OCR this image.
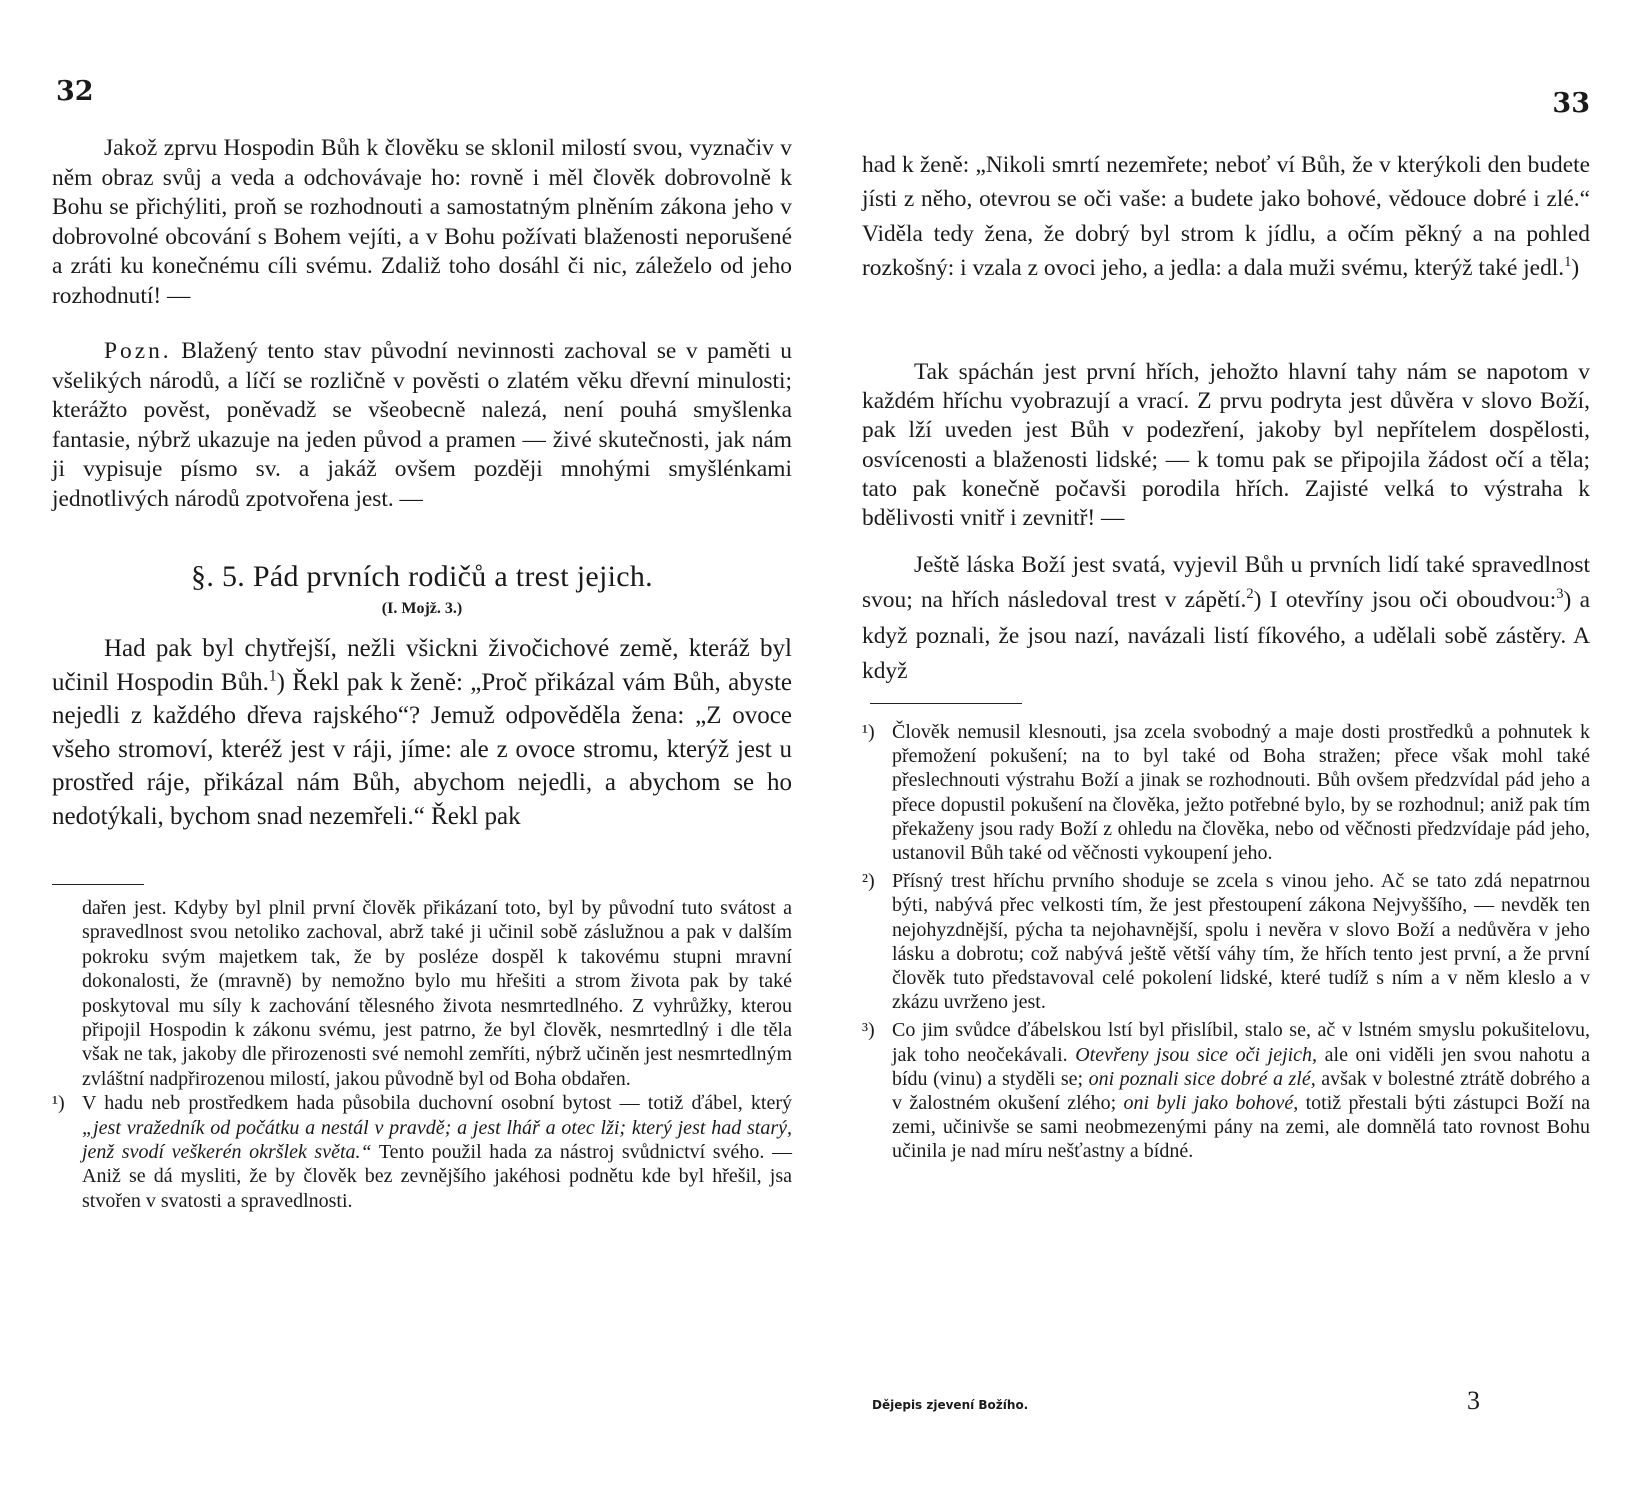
32

Jakož zprvu Hospodin Bůh k člověku se sklonil milostí svou, vyznačiv v něm obraz svůj a veda a odchovávaje ho: rovně i měl člověk dobrovolně k Bohu se přichýliti, proň se rozhodnouti a samostatným plněním zákona jeho v dobrovolné obcování s Bohem vejíti, a v Bohu požívati blaženosti neporušené a zráti ku konečnému cíli svému. Zdaliž toho dosáhl či nic, záleželo od jeho rozhodnutí! —

Pozn. Blažený tento stav původní nevinnosti zachoval se v paměti u všelikých národů, a líčí se rozličně v pověsti o zlatém věku dřevní minulosti; kterážto pověst, poněvadž se všeobecně nalezá, není pouhá smyšlenka fantasie, nýbrž ukazuje na jeden původ a pramen — živé skutečnosti, jak nám ji vypisuje písmo sv. a jakáž ovšem později mnohými smyšlénkami jednotlivých národů zpotvořena jest. —

§. 5. Pád prvních rodičů a trest jejich.
(I. Mojž. 3.)

Had pak byl chytřejší, nežli všickni živočichové země, kteráž byl učinil Hospodin Bůh.$^1$) Řekl pak k ženě: „Proč přikázal vám Bůh, abyste nejedli z každého dřeva rajského“? Jemuž odpověděla žena: „Z ovoce všeho stromoví, kteréž jest v ráji, jíme: ale z ovoce stromu, kterýž jest u prostřed ráje, přikázal nám Bůh, abychom nejedli, a abychom se ho nedotýkali, bychom snad nezemřeli.“ Řekl pak

dařen jest. Kdyby byl plnil první člověk přikázaní toto, byl by původní tuto svátost a spravedlnost svou netoliko zachoval, abrž také ji učinil sobě záslužnou a pak v dalším pokroku svým majetkem tak, že by posléze dospěl k takovému stupni mravní dokonalosti, že (mravně) by nemožno bylo mu hřešiti a strom života pak by také poskytoval mu síly k zachování tělesného života nesmrtedlného. Z vyhrůžky, kterou připojil Hospodin k zákonu svému, jest patrno, že byl člověk, nesmrtedlný i dle těla však ne tak, jakoby dle přirozenosti své nemohl zemříti, nýbrž učiněn jest nesmrtedlným zvláštní nadpřirozenou milostí, jakou původně byl od Boha obdařen.
¹) V hadu neb prostředkem hada působila duchovní osobní bytost — totiž ďábel, který „jest vražedník od počátku a nestál v pravdě; a jest lhář a otec lži; který jest had starý, jenž svodí veškerén okršlek světa.“ Tento použil hada za nástroj svůdnictví svého. — Aniž se dá mysliti, že by člověk bez zevnějšího jakéhosi podnětu kde byl hřešil, jsa stvořen v svatosti a spravedlnosti.
33

had k ženě: „Nikoli smrtí nezemřete; neboť ví Bůh, že v kterýkoli den budete jísti z něho, otevrou se oči vaše: a budete jako bohové, vědouce dobré i zlé.“ Viděla tedy žena, že dobrý byl strom k jídlu, a očím pěkný a na pohled rozkošný: i vzala z ovoci jeho, a jedla: a dala muži svému, kterýž také jedl.$^1$)

Tak spáchán jest první hřích, jehožto hlavní tahy nám se napotom v každém hříchu vyobrazují a vrací. Z prvu podryta jest důvěra v slovo Boží, pak lží uveden jest Bůh v podezření, jakoby byl nepřítelem dospělosti, osvícenosti a blaženosti lidské; — k tomu pak se připojila žádost očí a těla; tato pak konečně počavši porodila hřích. Zajisté velká to výstraha k bdělivosti vnitř i zevnitř! —

Ještě láska Boží jest svatá, vyjevil Bůh u prvních lidí také spravedlnost svou; na hřích následoval trest v zápětí.$^2$) I otevříny jsou oči oboudvou:$^3$) a když poznali, že jsou nazí, navázali listí fíkového, a udělali sobě zástěry. A když

¹) Člověk nemusil klesnouti, jsa zcela svobodný a maje dosti prostředků a pohnutek k přemožení pokušení; na to byl také od Boha stražen; přece však mohl také přeslechnouti výstrahu Boží a jinak se rozhodnouti. Bůh ovšem předzvídal pád jeho a přece dopustil pokušení na člověka, ježto potřebné bylo, by se rozhodnul; aniž pak tím překaženy jsou rady Boží z ohledu na člověka, nebo od věčnosti předzvídaje pád jeho, ustanovil Bůh také od věčnosti vykoupení jeho.
²) Přísný trest hříchu prvního shoduje se zcela s vinou jeho. Ač se tato zdá nepatrnou býti, nabývá přec velkosti tím, že jest přestoupení zákona Nejvyššího, — nevděk ten nejohyzdnější, pýcha ta nejohavnější, spolu i nevěra v slovo Boží a nedůvěra v jeho lásku a dobrotu; což nabývá ještě větší váhy tím, že hřích tento jest první, a že první člověk tuto představoval celé pokolení lidské, které tudíž s ním a v něm kleslo a v zkázu uvrženo jest.
³) Co jim svůdce ďábelskou lstí byl přislíbil, stalo se, ač v lstném smyslu pokušitelovu, jak toho neočekávali. Otevřeny jsou sice oči jejich, ale oni viděli jen svou nahotu a bídu (vinu) a styděli se; oni poznali sice dobré a zlé, avšak v bolestné ztrátě dobrého a v žalostném okušení zlého; oni byli jako bohové, totiž přestali býti zástupci Boží na zemi, učinivše se sami neobmezenými pány na zemi, ale domnělá tato rovnost Bohu učinila je nad míru nešťastny a bídné.
Dějepis zjevení Božího.	3
